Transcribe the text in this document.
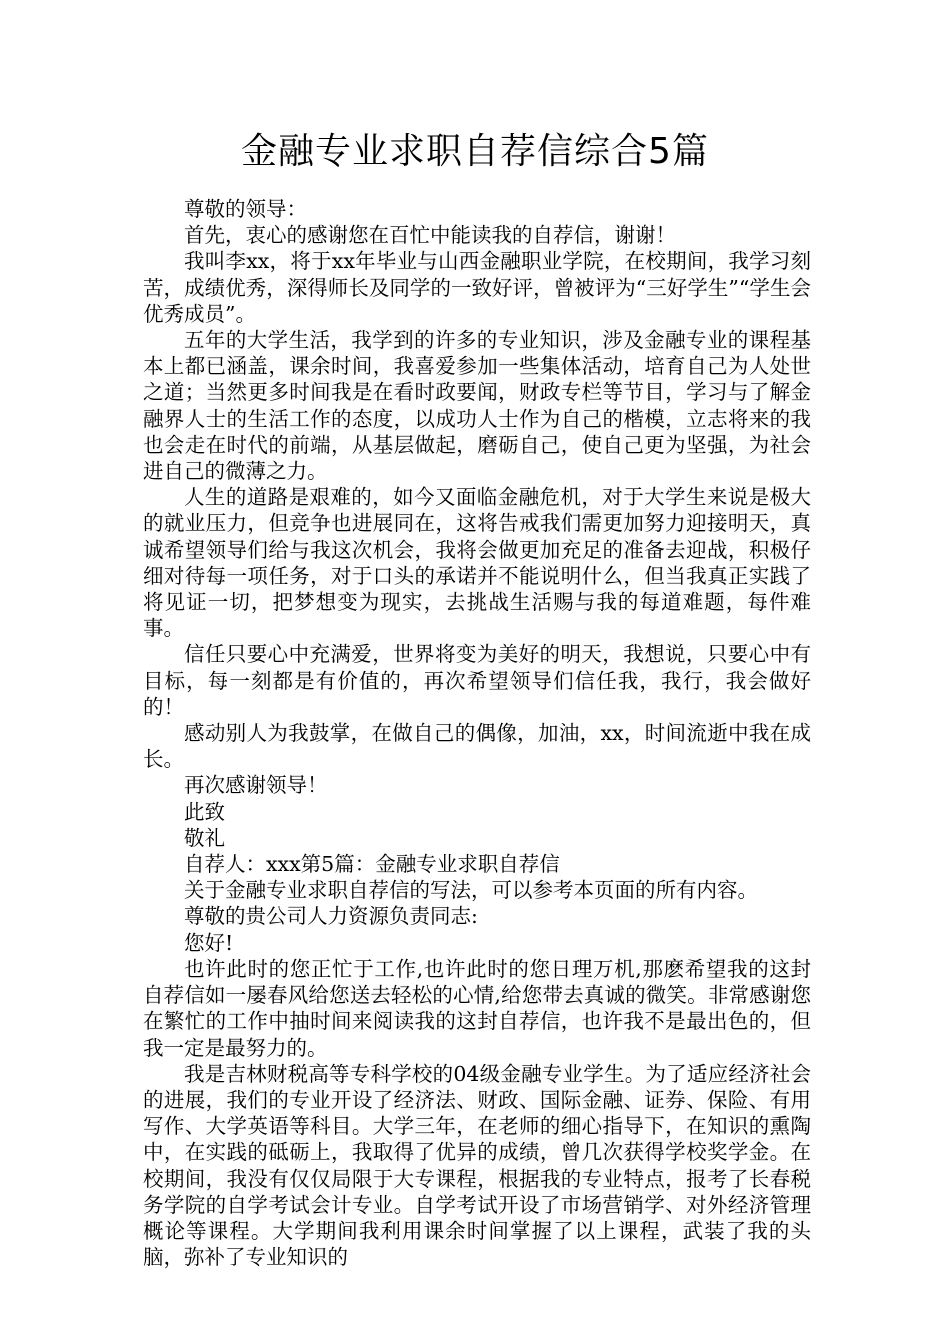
金融专业求职自荐信综合5篇

尊敬的领导：

首先，衷心的感谢您在百忙中能读我的自荐信，谢谢！

我叫李xx，将于xx年毕业与山西金融职业学院，在校期间，我学习刻苦，成绩优秀，深得师长及同学的一致好评，曾被评为“三好学生”“学生会优秀成员”。

五年的大学生活，我学到的许多的专业知识，涉及金融专业的课程基本上都已涵盖，课余时间，我喜爱参加一些集体活动，培育自己为人处世之道；当然更多时间我是在看时政要闻，财政专栏等节目，学习与了解金融界人士的生活工作的态度，以成功人士作为自己的楷模，立志将来的我也会走在时代的前端，从基层做起，磨砺自己，使自己更为坚强，为社会进自己的微薄之力。

人生的道路是艰难的，如今又面临金融危机，对于大学生来说是极大的就业压力，但竞争也进展同在，这将告戒我们需更加努力迎接明天，真诚希望领导们给与我这次机会，我将会做更加充足的准备去迎战，积极仔细对待每一项任务，对于口头的承诺并不能说明什么，但当我真正实践了将见证一切，把梦想变为现实，去挑战生活赐与我的每道难题，每件难事。

信任只要心中充满爱，世界将变为美好的明天，我想说，只要心中有目标，每一刻都是有价值的，再次希望领导们信任我，我行，我会做好的！

感动别人为我鼓掌，在做自己的偶像，加油，xx，时间流逝中我在成长。

再次感谢领导！

此致

敬礼

自荐人：xxx第5篇：金融专业求职自荐信

关于金融专业求职自荐信的写法，可以参考本页面的所有内容。

尊敬的贵公司人力资源负责同志:

您好!

也许此时的您正忙于工作,也许此时的您日理万机,那麽希望我的这封自荐信如一屡春风给您送去轻松的心情,给您带去真诚的微笑。非常感谢您在繁忙的工作中抽时间来阅读我的这封自荐信，也许我不是最出色的，但我一定是最努力的。

我是吉林财税高等专科学校的04级金融专业学生。为了适应经济社会的进展，我们的专业开设了经济法、财政、国际金融、证券、保险、有用写作、大学英语等科目。大学三年，在老师的细心指导下，在知识的熏陶中，在实践的砥砺上，我取得了优异的成绩，曾几次获得学校奖学金。在校期间，我没有仅仅局限于大专课程，根据我的专业特点，报考了长春税务学院的自学考试会计专业。自学考试开设了市场营销学、对外经济管理概论等课程。大学期间我利用课余时间掌握了以上课程，武装了我的头脑，弥补了专业知识的
